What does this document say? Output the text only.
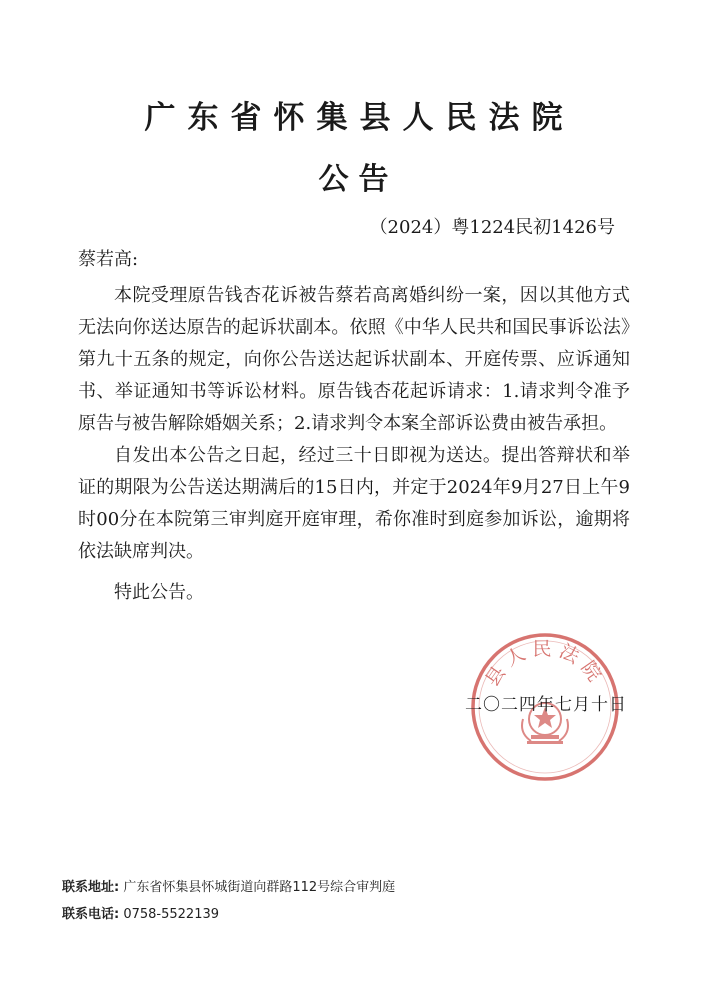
广东省怀集县人民法院
公告
（2024）粤1224民初1426号
蔡若高:

本院受理原告钱杏花诉被告蔡若高离婚纠纷一案，因以其他方式无法向你送达原告的起诉状副本。依照《中华人民共和国民事诉讼法》第九十五条的规定，向你公告送达起诉状副本、开庭传票、应诉通知书、举证通知书等诉讼材料。原告钱杏花起诉请求：1.请求判令准予原告与被告解除婚姻关系；2.请求判令本案全部诉讼费由被告承担。

自发出本公告之日起，经过三十日即视为送达。提出答辩状和举证的期限为公告送达期满后的15日内，并定于2024年9月27日上午9时00分在本院第三审判庭开庭审理，希你准时到庭参加诉讼，逾期将依法缺席判决。

特此公告。
县人民法院
二〇二四年七月十日
联系地址: 广东省怀集县怀城街道向群路112号综合审判庭
联系电话: 0758-5522139
